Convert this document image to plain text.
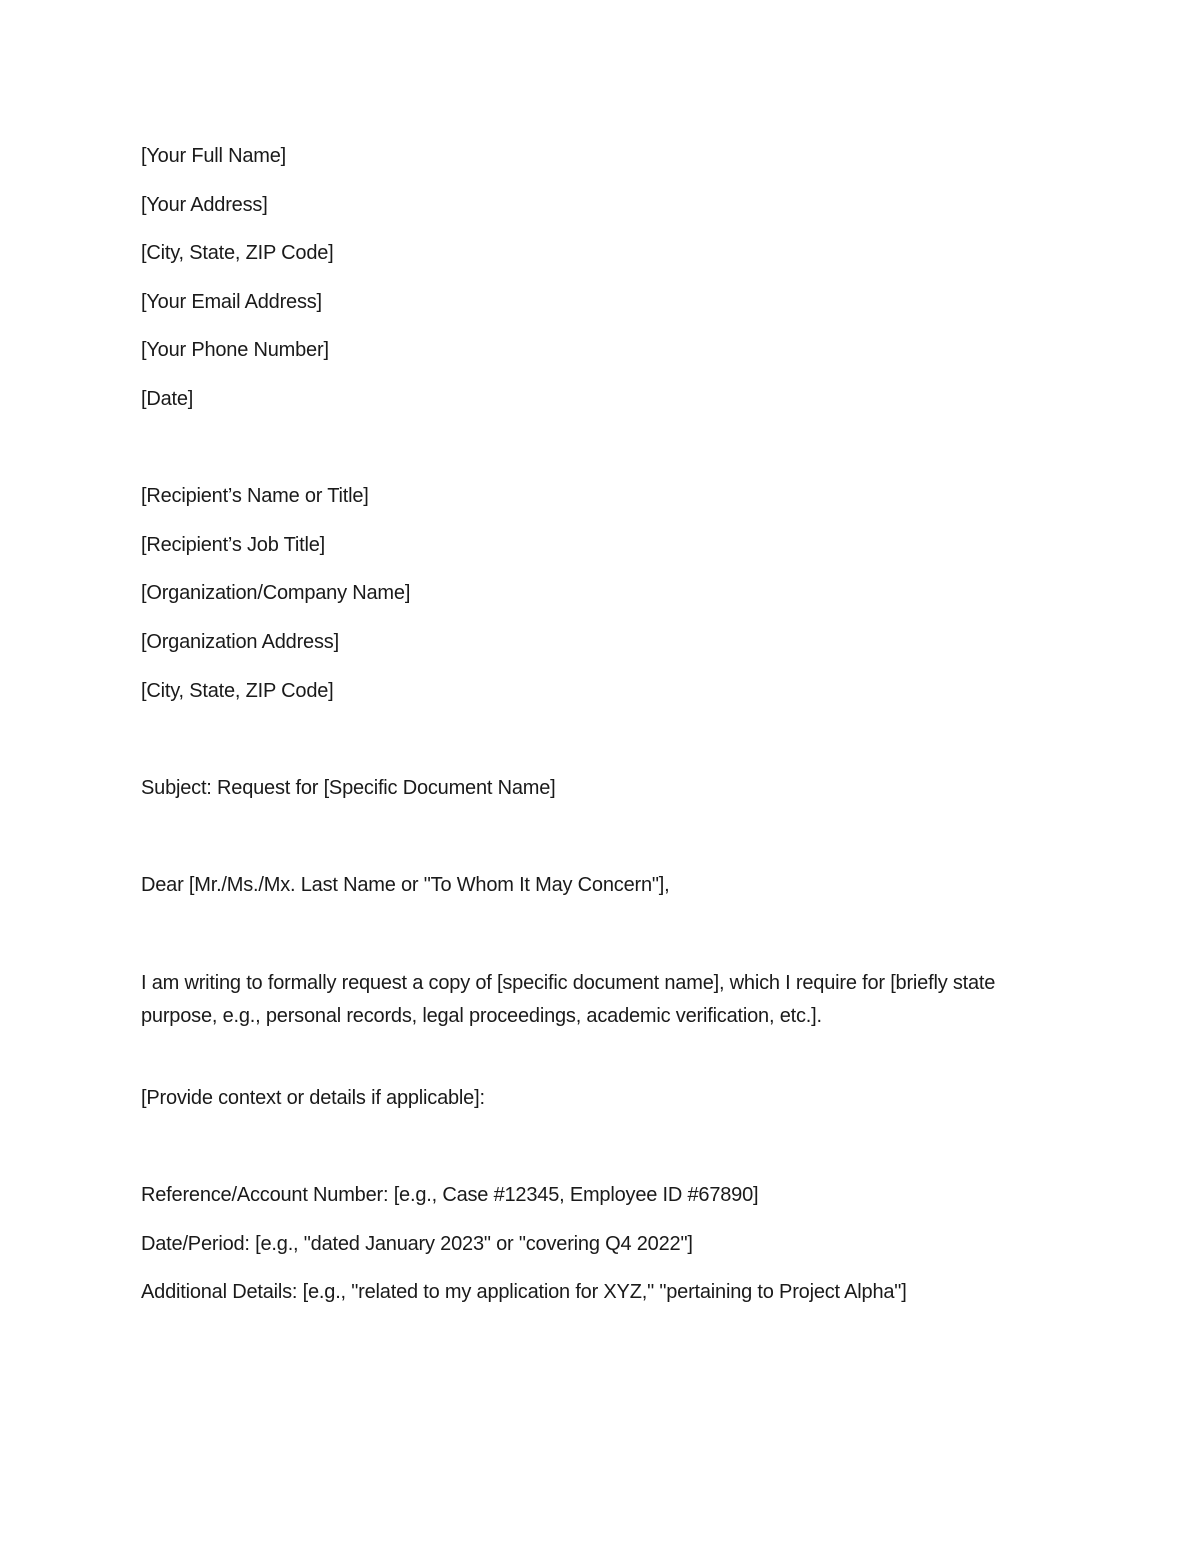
[Your Full Name]
[Your Address]
[City, State, ZIP Code]
[Your Email Address]
[Your Phone Number]
[Date]
[Recipient’s Name or Title]
[Recipient’s Job Title]
[Organization/Company Name]
[Organization Address]
[City, State, ZIP Code]
Subject: Request for [Specific Document Name]
Dear [Mr./Ms./Mx. Last Name or "To Whom It May Concern"],
I am writing to formally request a copy of [specific document name], which I require for [briefly state purpose, e.g., personal records, legal proceedings, academic verification, etc.].
[Provide context or details if applicable]:
Reference/Account Number: [e.g., Case #12345, Employee ID #67890]
Date/Period: [e.g., "dated January 2023" or "covering Q4 2022"]
Additional Details: [e.g., "related to my application for XYZ," "pertaining to Project Alpha"]
